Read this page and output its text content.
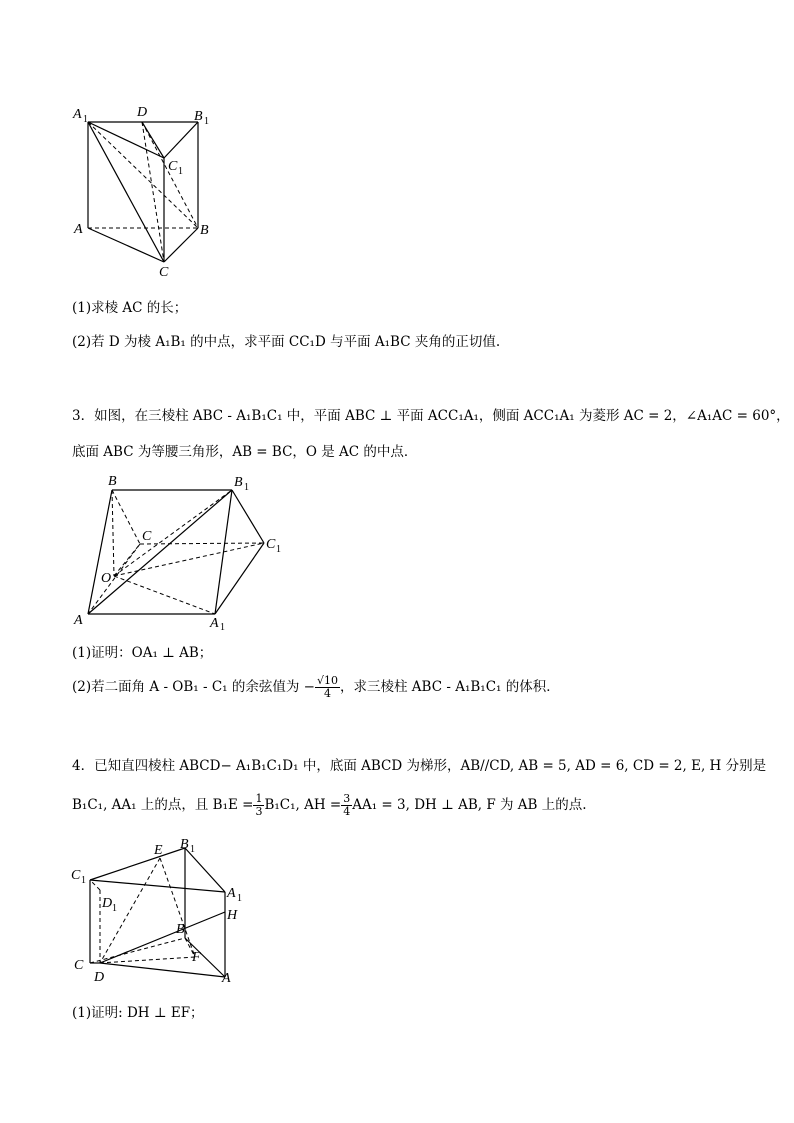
A 1	D	B 1
C 1
A	B
C
(1)求棱 AC 的长；
(2)若 D 为棱 A₁B₁ 的中点，求平面 CC₁D 与平面 A₁BC 夹角的正切值.
3．如图，在三棱柱 ABC - A₁B₁C₁ 中，平面 ABC ⊥ 平面 ACC₁A₁，侧面 ACC₁A₁ 为菱形 AC = 2，∠A₁AC = 60°，
底面 ABC 为等腰三角形，AB = BC，O 是 AC 的中点．
B	B 1
C
C 1
O
A	A 1
(1)证明：OA₁ ⊥ AB；
(2)若二面角 A - OB₁ - C₁ 的余弦值为 − $\frac{√10}{4}$ ，求三棱柱 ABC - A₁B₁C₁ 的体积．
4．已知直四棱柱 ABCD− A₁B₁C₁D₁ 中，底面 ABCD 为梯形，AB//CD, AB = 5, AD = 6, CD = 2, E, H 分别是
B₁C₁, AA₁ 上的点，且 $B_1E = \frac{1}{3} B_1C_1$, AH = $\frac{3}{4} AA_1 = 3$, DH ⊥ AB, F 为 AB 上的点.
C 1
E B 1
A 1
D 1	H
B
C
F
D	A
(1)证明: DH ⊥ EF；
